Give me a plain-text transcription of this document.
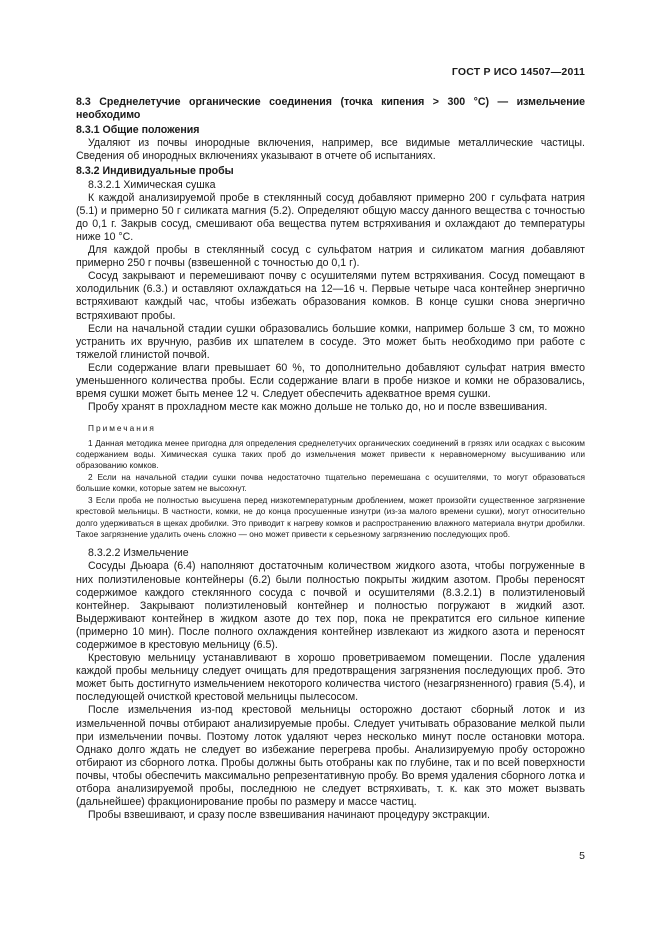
ГОСТ Р ИСО 14507—2011

8.3 Среднелетучие органические соединения (точка кипения > 300 °С) — измельчение необходимо

8.3.1 Общие положения

Удаляют из почвы инородные включения, например, все видимые металлические частицы. Сведения об инородных включениях указывают в отчете об испытаниях.

8.3.2 Индивидуальные пробы

8.3.2.1 Химическая сушка

К каждой анализируемой пробе в стеклянный сосуд добавляют примерно 200 г сульфата натрия (5.1) и примерно 50 г силиката магния (5.2). Определяют общую массу данного вещества с точностью до 0,1 г. Закрыв сосуд, смешивают оба вещества путем встряхивания и охлаждают до температуры ниже 10 °С.

Для каждой пробы в стеклянный сосуд с сульфатом натрия и силикатом магния добавляют примерно 250 г почвы (взвешенной с точностью до 0,1 г).

Сосуд закрывают и перемешивают почву с осушителями путем встряхивания. Сосуд помещают в холодильник (6.3.) и оставляют охлаждаться на 12—16 ч. Первые четыре часа контейнер энергично встряхивают каждый час, чтобы избежать образования комков. В конце сушки снова энергично встряхивают пробы.

Если на начальной стадии сушки образовались большие комки, например больше 3 см, то можно устранить их вручную, разбив их шпателем в сосуде. Это может быть необходимо при работе с тяжелой глинистой почвой.

Если содержание влаги превышает 60 %, то дополнительно добавляют сульфат натрия вместо уменьшенного количества пробы. Если содержание влаги в пробе низкое и комки не образовались, время сушки может быть менее 12 ч. Следует обеспечить адекватное время сушки.

Пробу хранят в прохладном месте как можно дольше не только до, но и после взвешивания.

Примечания

1 Данная методика менее пригодна для определения среднелетучих органических соединений в грязях или осадках с высоким содержанием воды. Химическая сушка таких проб до измельчения может привести к неравномерному высушиванию или образованию комков.

2 Если на начальной стадии сушки почва недостаточно тщательно перемешана с осушителями, то могут образоваться большие комки, которые затем не высохнут.

3 Если проба не полностью высушена перед низкотемпературным дроблением, может произойти существенное загрязнение крестовой мельницы. В частности, комки, не до конца просушенные изнутри (из-за малого времени сушки), могут относительно долго удерживаться в щеках дробилки. Это приводит к нагреву комков и распространению влажного материала внутри дробилки. Такое загрязнение удалить очень сложно — оно может привести к серьезному загрязнению последующих проб.

8.3.2.2 Измельчение

Сосуды Дьюара (6.4) наполняют достаточным количеством жидкого азота, чтобы погруженные в них полиэтиленовые контейнеры (6.2) были полностью покрыты жидким азотом. Пробы переносят содержимое каждого стеклянного сосуда с почвой и осушителями (8.3.2.1) в полиэтиленовый контейнер. Закрывают полиэтиленовый контейнер и полностью погружают в жидкий азот. Выдерживают контейнер в жидком азоте до тех пор, пока не прекратится его сильное кипение (примерно 10 мин). После полного охлаждения контейнер извлекают из жидкого азота и переносят содержимое в крестовую мельницу (6.5).

Крестовую мельницу устанавливают в хорошо проветриваемом помещении. После удаления каждой пробы мельницу следует очищать для предотвращения загрязнения последующих проб. Это может быть достигнуто измельчением некоторого количества чистого (незагрязненного) гравия (5.4), и последующей очисткой крестовой мельницы пылесосом.

После измельчения из-под крестовой мельницы осторожно достают сборный лоток и из измельченной почвы отбирают анализируемые пробы. Следует учитывать образование мелкой пыли при измельчении почвы. Поэтому лоток удаляют через несколько минут после остановки мотора. Однако долго ждать не следует во избежание перегрева пробы. Анализируемую пробу осторожно отбирают из сборного лотка. Пробы должны быть отобраны как по глубине, так и по всей поверхности почвы, чтобы обеспечить максимально репрезентативную пробу. Во время удаления сборного лотка и отбора анализируемой пробы, последнюю не следует встряхивать, т. к. как это может вызвать (дальнейшее) фракционирование пробы по размеру и массе частиц.

Пробы взвешивают, и сразу после взвешивания начинают процедуру экстракции.

5
